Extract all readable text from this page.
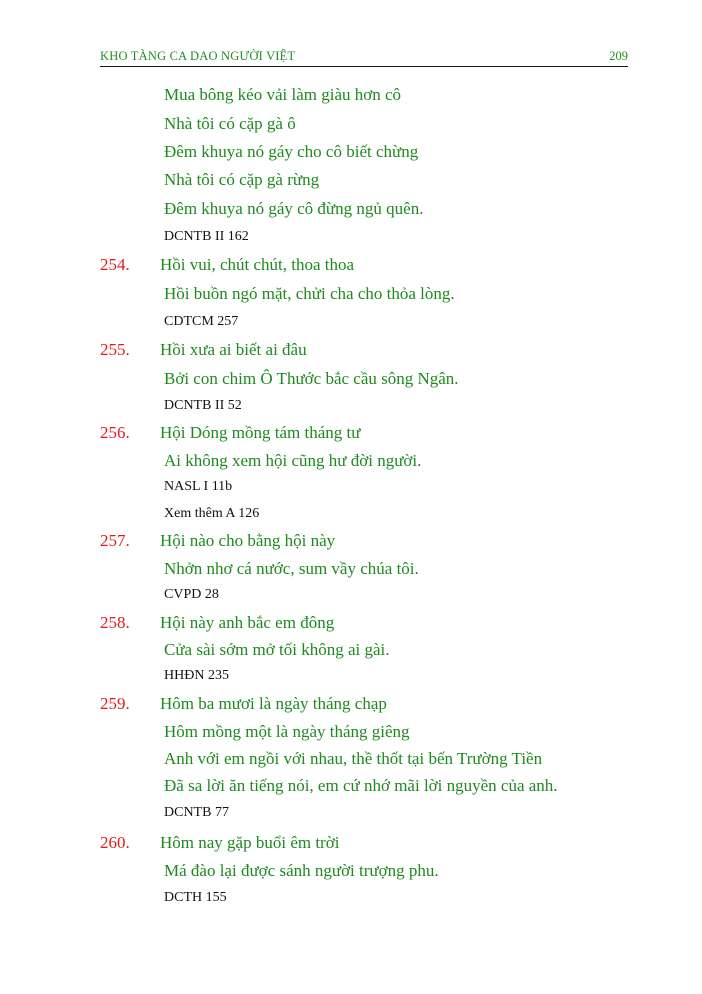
KHO TÀNG CA DAO NGƯỜI VIỆT	209
Mua bông kéo vải làm giàu hơn cô
Nhà tôi có cặp gà ô
Đêm khuya nó gáy cho cô biết chừng
Nhà tôi có cặp gà rừng
Đêm khuya nó gáy cô đừng ngủ quên.
DCNTB II 162
254. Hồi vui, chút chút, thoa thoa
Hồi buồn ngó mặt, chửi cha cho thỏa lòng.
CDTCM 257
255. Hồi xưa ai biết ai đâu
Bởi con chim Ô Thước bắc cầu sông Ngân.
DCNTB II 52
256. Hội Dóng mồng tám tháng tư
Ai không xem hội cũng hư đời người.
NASL I 11b
Xem thêm A 126
257. Hội nào cho bằng hội này
Nhởn nhơ cá nước, sum vầy chúa tôi.
CVPD 28
258. Hội này anh bắc em đông
Cửa sài sớm mở tối không ai gài.
HHĐN 235
259. Hôm ba mươi là ngày tháng chạp
Hôm mồng một là ngày tháng giêng
Anh với em ngồi với nhau, thề thốt tại bến Trường Tiền
Đã sa lời ăn tiếng nói, em cứ nhớ mãi lời nguyền của anh.
DCNTB 77
260. Hôm nay gặp buổi êm trời
Má đào lại được sánh người trượng phu.
DCTH 155
